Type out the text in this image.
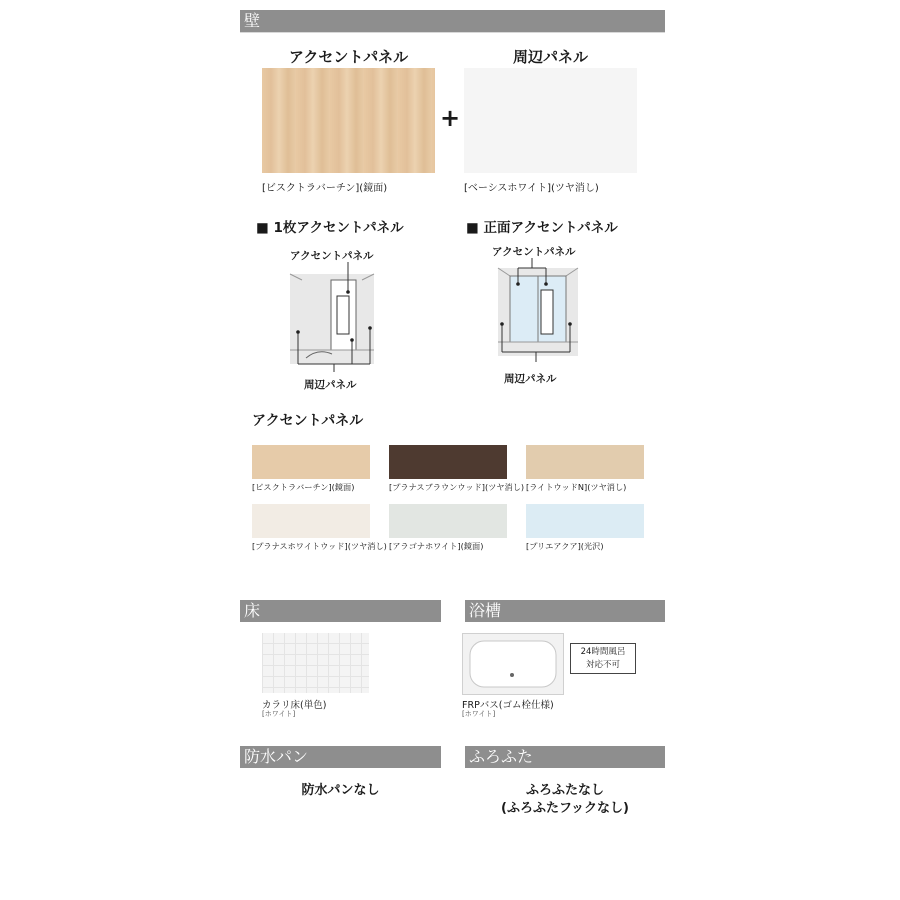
壁
アクセントパネル	周辺パネル
+
[ビスクトラバーチン](鏡面)	[ベーシスホワイト](ツヤ消し)
■ 1枚アクセントパネル	■ 正面アクセントパネル
アクセントパネル
周辺パネル
アクセントパネル
周辺パネル
アクセントパネル
[ビスクトラバーチン](鏡面)	[プラナスブラウンウッド](ツヤ消し) [ライトウッドN](ツヤ消し)
[プラナスホワイトウッド](ツヤ消し) [アラゴナホワイト](鏡面)	[プリエアクア](光沢)
床
カラリ床(単色)
[ホワイト]
浴槽
24時間風呂
対応不可
FRPバス(ゴム栓仕様)
[ホワイト]
防水パン
防水パンなし
ふろふた
ふろふたなし
(ふろふたフックなし)
